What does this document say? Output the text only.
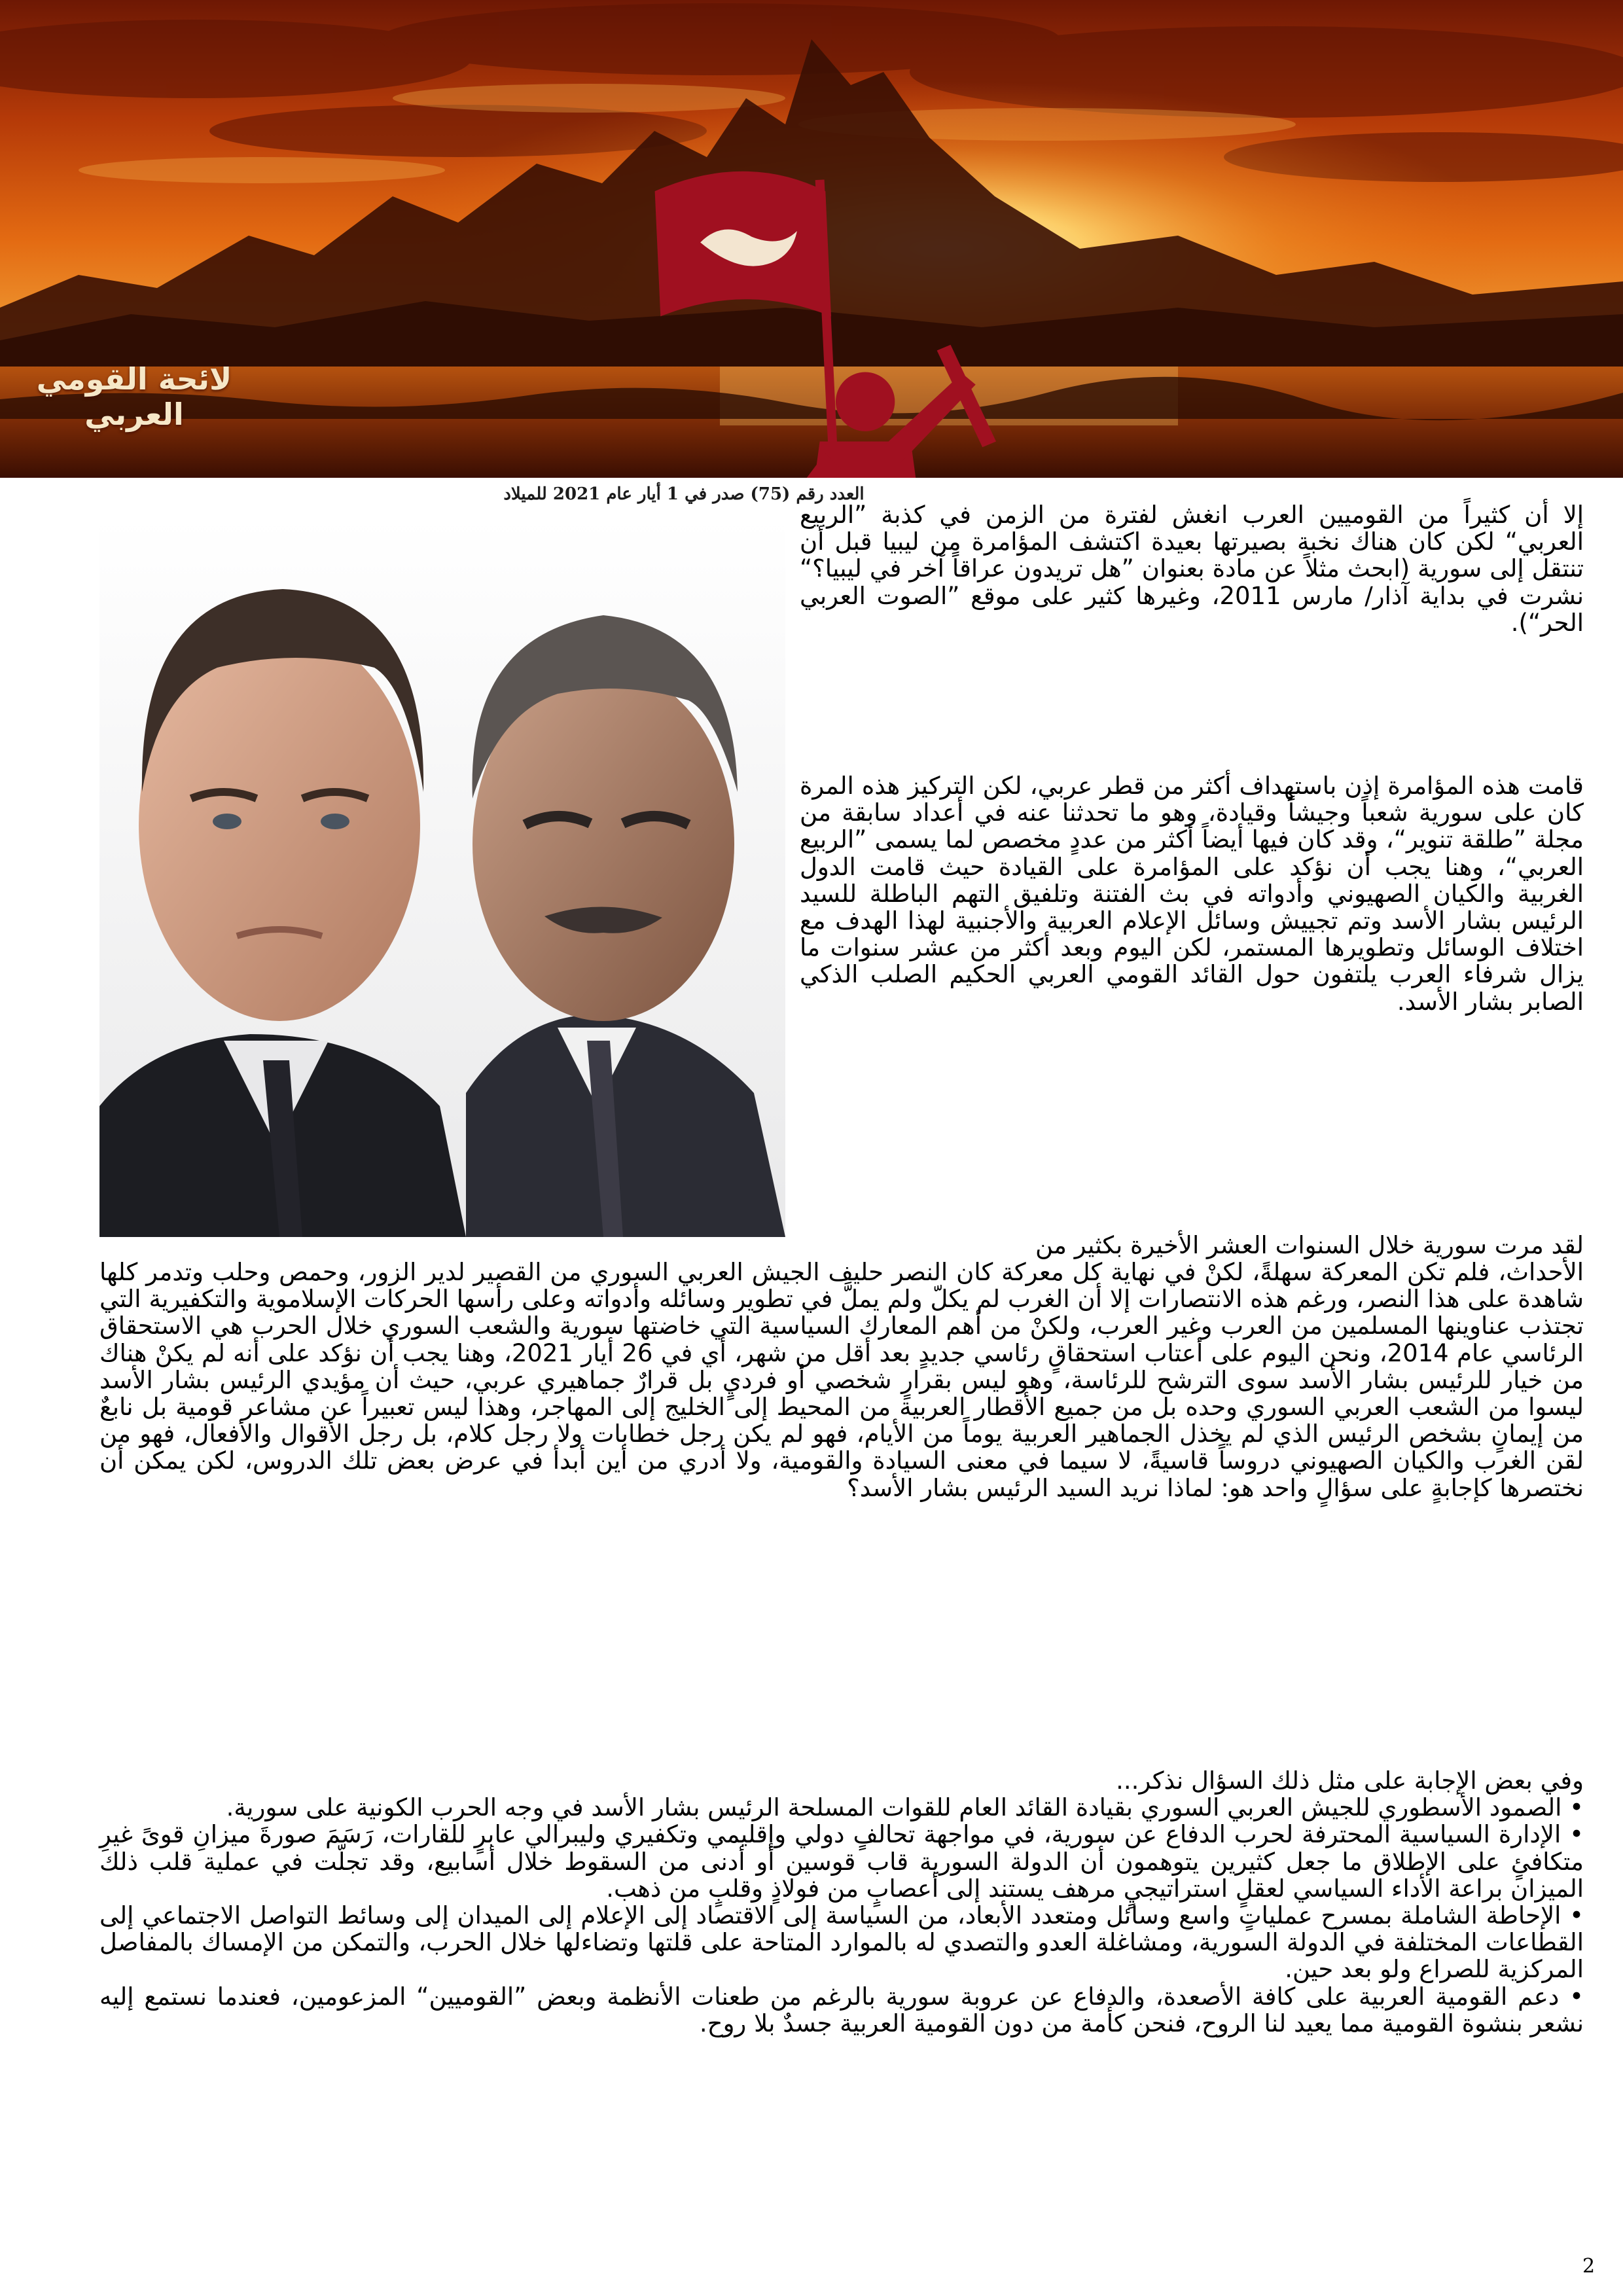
لائحة القومي العربي
العدد رقم (75) صدر في 1 أيار عام 2021 للميلاد

إلا أن كثيراً من القوميين العرب انغش لفترة من الزمن في كذبة ”الربيع العربي“ لكن كان هناك نخبة بصيرتها بعيدة اكتشف المؤامرة من ليبيا قبل أن تنتقل إلى سورية (ابحث مثلاً عن مادة بعنوان ”هل تريدون عراقاً آخر في ليبيا؟“ نشرت في بداية آذار/ مارس 2011، وغيرها كثير على موقع ”الصوت العربي الحر“).

قامت هذه المؤامرة إذن باستهداف أكثر من قطر عربي، لكن التركيز هذه المرة كان على سورية شعباً وجيشاً وقيادة، وهو ما تحدثنا عنه في أعداد سابقة من مجلة ”طلقة تنوير“، وقد كان فيها أيضاً أكثر من عددٍ مخصص لما يسمى ”الربيع العربي“، وهنا يجب أن نؤكد على المؤامرة على القيادة حيث قامت الدول الغربية والكيان الصهيوني وأدواته في بث الفتنة وتلفيق التهم الباطلة للسيد الرئيس بشار الأسد وتم تجييش وسائل الإعلام العربية والأجنبية لهذا الهدف مع اختلاف الوسائل وتطويرها المستمر، لكن اليوم وبعد أكثر من عشر سنوات ما يزال شرفاء العرب يلتفون حول القائد القومي العربي الحكيم الصلب الذكي الصابر بشار الأسد.

لقد مرت سورية خلال السنوات العشر الأخيرة بكثير من

الأحداث، فلم تكن المعركة سهلةً، لكنْ في نهاية كل معركة كان النصر حليف الجيش العربي السوري من القصير لدير الزور، وحمص وحلب وتدمر كلها شاهدة على هذا النصر، ورغم هذه الانتصارات إلا أن الغرب لم يكلّ ولم يملَّ في تطوير وسائله وأدواته وعلى رأسها الحركات الإسلاموية والتكفيرية التي تجتذب عناوينها المسلمين من العرب وغير العرب، ولكنْ من أهم المعارك السياسية التي خاضتها سورية والشعب السوري خلال الحرب هي الاستحقاق الرئاسي عام 2014، ونحن اليوم على أعتاب استحقاقٍ رئاسي جديدٍ بعد أقل من شهر، أي في 26 أيار 2021، وهنا يجب أن نؤكد على أنه لم يكنْ هناك من خيار للرئيس بشار الأسد سوى الترشح للرئاسة، وهو ليس بقرارٍ شخصي أو فرديٍ بل قرارٌ جماهيري عربي، حيث أن مؤيدي الرئيس بشار الأسد ليسوا من الشعب العربي السوري وحده بل من جميع الأقطار العربية من المحيط إلى الخليج إلى المهاجر، وهذا ليس تعبيراً عن مشاعر قومية بل نابعٌ من إيمانٍ بشخص الرئيس الذي لم يخذل الجماهير العربية يوماً من الأيام، فهو لم يكن رجل خطابات ولا رجل كلام، بل رجل الأقوال والأفعال، فهو من لقن الغرب والكيان الصهيوني دروساً قاسيةً، لا سيما في معنى السيادة والقومية، ولا أدري من أين أبدأ في عرض بعض تلك الدروس، لكن يمكن أن نختصرها كإجابةٍ على سؤالٍ واحد هو: لماذا نريد السيد الرئيس بشار الأسد؟

وفي بعض الإجابة على مثل ذلك السؤال نذكر...

• الصمود الأسطوري للجيش العربي السوري بقيادة القائد العام للقوات المسلحة الرئيس بشار الأسد في وجه الحرب الكونية على سورية.

• الإدارة السياسية المحترفة لحرب الدفاع عن سورية، في مواجهة تحالفٍ دولي وإقليمي وتكفيري وليبرالي عابرٍ للقارات، رَسَمَ صورةَ ميزانِ قوىً غيرِ متكافئٍ على الإطلاق ما جعل كثيرين يتوهمون أن الدولة السورية قاب قوسين أو أدنى من السقوط خلال أسابيع، وقد تجلّت في عملية قلب ذلك الميزان براعة الأداء السياسي لعقلٍ استراتيجيٍ مرهف يستند إلى أعصابٍ من فولاذٍ وقلبٍ من ذهب.

• الإحاطة الشاملة بمسرح عملياتٍ واسع وسائل ومتعدد الأبعاد، من السياسة إلى الاقتصاد إلى الإعلام إلى الميدان إلى وسائط التواصل الاجتماعي إلى القطاعات المختلفة في الدولة السورية، ومشاغلة العدو والتصدي له بالموارد المتاحة على قلتها وتضاءلها خلال الحرب، والتمكن من الإمساك بالمفاصل المركزية للصراع ولو بعد حين.

• دعم القومية العربية على كافة الأصعدة، والدفاع عن عروبة سورية بالرغم من طعنات الأنظمة وبعض ”القوميين“ المزعومين، فعندما نستمع إليه نشعر بنشوة القومية مما يعيد لنا الروح، فنحن كأمة من دون القومية العربية جسدٌ بلا روح.

2
